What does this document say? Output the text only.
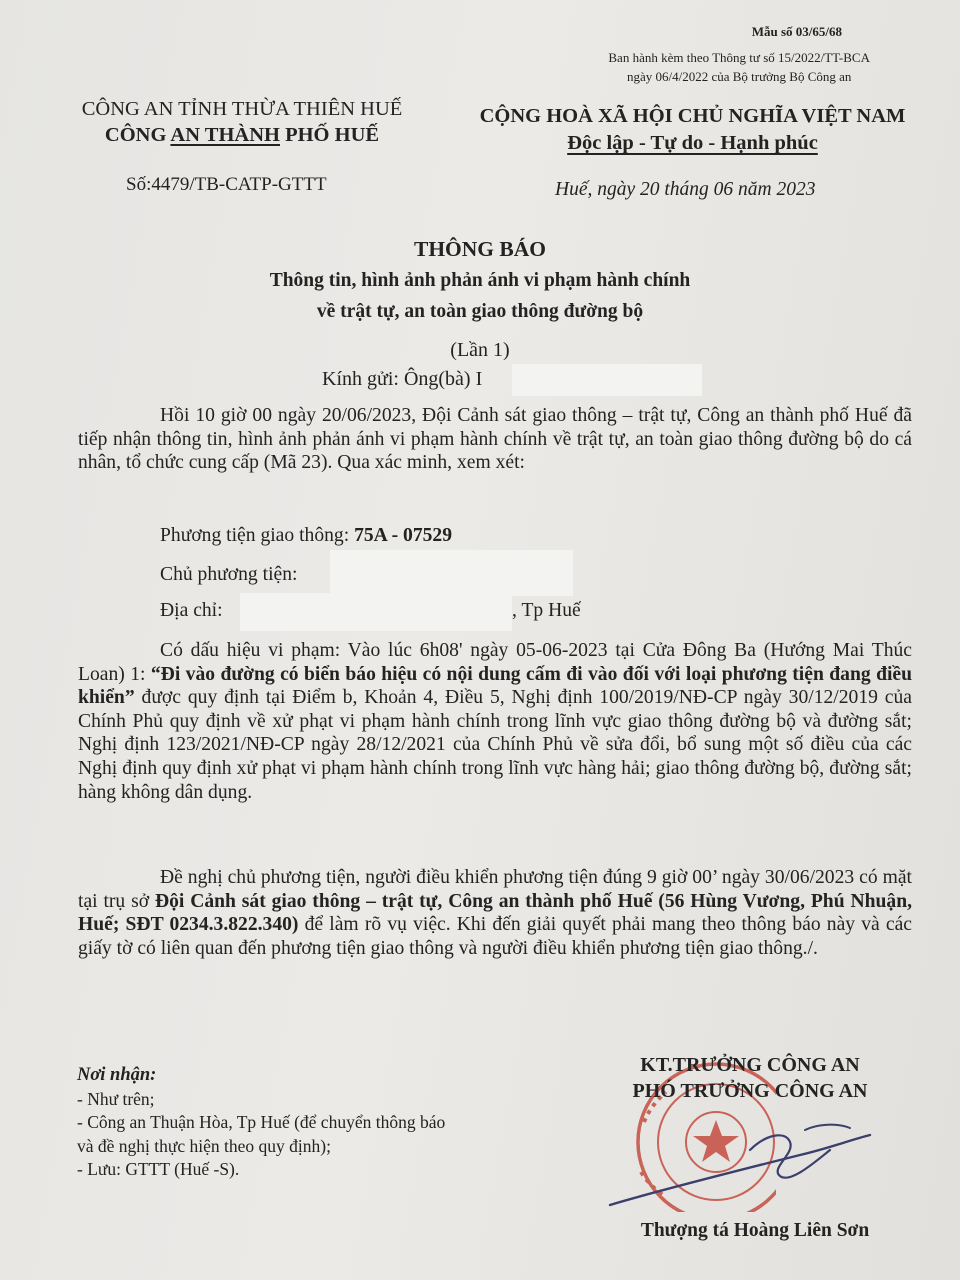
Mẫu số 03/65/68
Ban hành kèm theo Thông tư số 15/2022/TT-BCA
ngày 06/4/2022 của Bộ trưởng Bộ Công an
CÔNG AN TỈNH THỪA THIÊN HUẾ
CÔNG AN THÀNH PHỐ HUẾ
CỘNG HOÀ XÃ HỘI CHỦ NGHĨA VIỆT NAM
Độc lập - Tự do - Hạnh phúc
Số:4479/TB-CATP-GTTT	Huế, ngày 20 tháng 06 năm 2023
THÔNG BÁO
Thông tin, hình ảnh phản ánh vi phạm hành chính
về trật tự, an toàn giao thông đường bộ
(Lần 1)
Kính gửi: Ông(bà) I

Hồi 10 giờ 00 ngày 20/06/2023, Đội Cảnh sát giao thông – trật tự, Công an thành phố Huế đã tiếp nhận thông tin, hình ảnh phản ánh vi phạm hành chính về trật tự, an toàn giao thông đường bộ do cá nhân, tổ chức cung cấp (Mã 23). Qua xác minh, xem xét:

Phương tiện giao thông: 75A - 07529
Chủ phương tiện:
Địa chỉ:	, Tp Huế

Có dấu hiệu vi phạm: Vào lúc 6h08' ngày 05-06-2023 tại Cửa Đông Ba (Hướng Mai Thúc Loan) 1: “Đi vào đường có biển báo hiệu có nội dung cấm đi vào đối với loại phương tiện đang điều khiển” được quy định tại Điểm b, Khoản 4, Điều 5, Nghị định 100/2019/NĐ-CP ngày 30/12/2019 của Chính Phủ quy định về xử phạt vi phạm hành chính trong lĩnh vực giao thông đường bộ và đường sắt; Nghị định 123/2021/NĐ-CP ngày 28/12/2021 của Chính Phủ về sửa đổi, bổ sung một số điều của các Nghị định quy định xử phạt vi phạm hành chính trong lĩnh vực hàng hải; giao thông đường bộ, đường sắt; hàng không dân dụng.

Đề nghị chủ phương tiện, người điều khiển phương tiện đúng 9 giờ 00’ ngày 30/06/2023 có mặt tại trụ sở Đội Cảnh sát giao thông – trật tự, Công an thành phố Huế (56 Hùng Vương, Phú Nhuận, Huế; SĐT 0234.3.822.340) để làm rõ vụ việc. Khi đến giải quyết phải mang theo thông báo này và các giấy tờ có liên quan đến phương tiện giao thông và người điều khiển phương tiện giao thông./.

Nơi nhận:
- Như trên;
- Công an Thuận Hòa, Tp Huế (để chuyển thông báo và đề nghị thực hiện theo quy định);
- Lưu: GTTT (Huế -S).
KT.TRƯỞNG CÔNG AN
PHÓ TRƯỞNG CÔNG AN
Thượng tá Hoàng Liên Sơn
